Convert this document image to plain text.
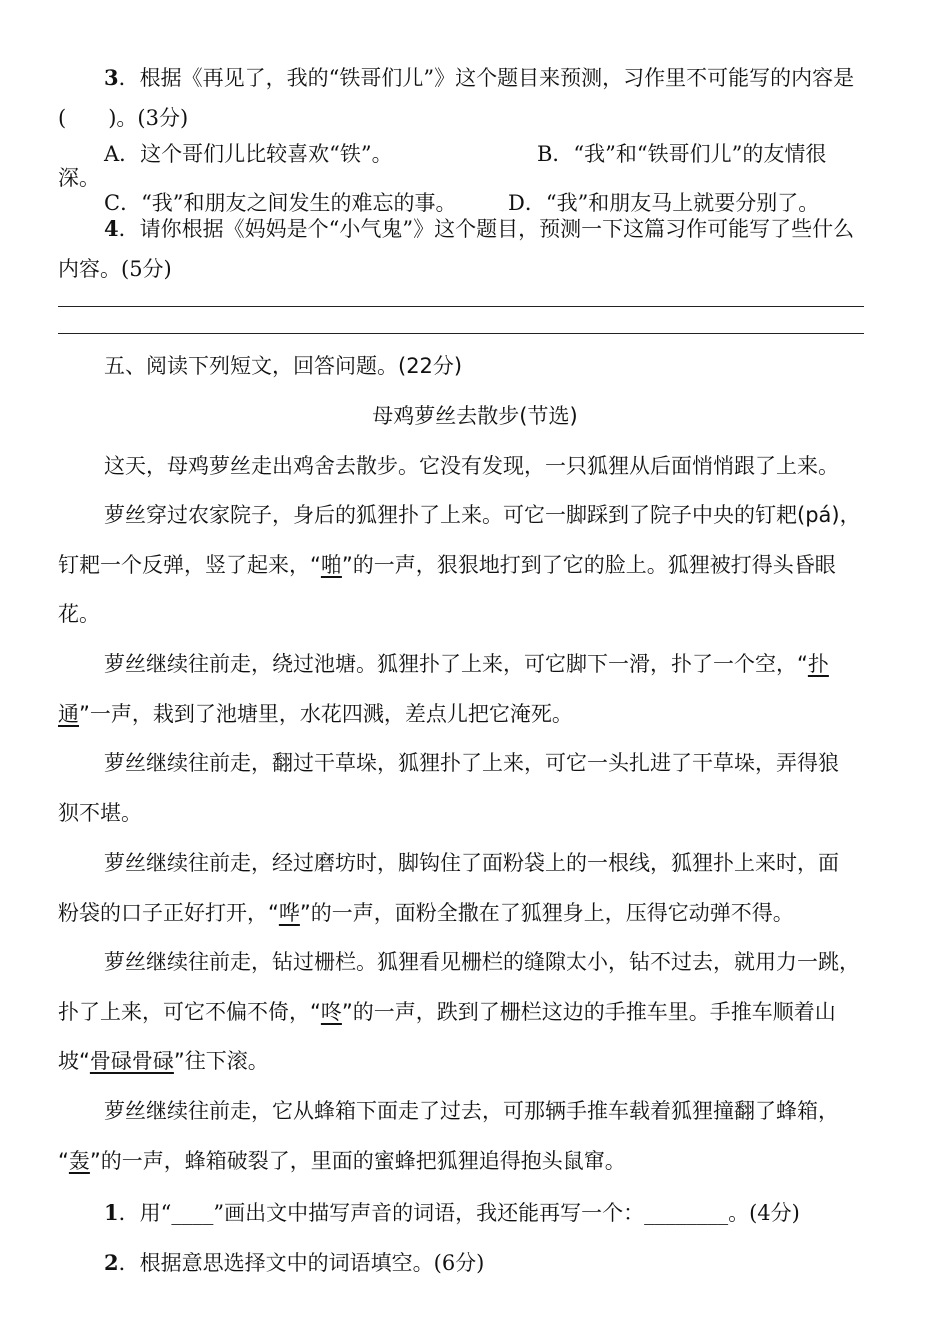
3．根据《再见了，我的“铁哥们儿”》这个题目来预测，习作里不可能写的内容是
(　　)。(3分)
A．这个哥们儿比较喜欢“铁”。	B．“我”和“铁哥们儿”的友情很
深。
C．“我”和朋友之间发生的难忘的事。 D．“我”和朋友马上就要分别了。
4．请你根据《妈妈是个“小气鬼”》这个题目，预测一下这篇习作可能写了些什么
内容。(5分)
五、阅读下列短文，回答问题。(22分)
母鸡萝丝去散步(节选)
这天，母鸡萝丝走出鸡舍去散步。它没有发现，一只狐狸从后面悄悄跟了上来。
萝丝穿过农家院子，身后的狐狸扑了上来。可它一脚踩到了院子中央的钉耙(pá)，
钉耙一个反弹，竖了起来，“啪”的一声，狠狠地打到了它的脸上。狐狸被打得头昏眼
花。
萝丝继续往前走，绕过池塘。狐狸扑了上来，可它脚下一滑，扑了一个空，“扑
通”一声，栽到了池塘里，水花四溅，差点儿把它淹死。
萝丝继续往前走，翻过干草垛，狐狸扑了上来，可它一头扎进了干草垛，弄得狼
狈不堪。
萝丝继续往前走，经过磨坊时，脚钩住了面粉袋上的一根线，狐狸扑上来时，面
粉袋的口子正好打开，“哗”的一声，面粉全撒在了狐狸身上，压得它动弹不得。
萝丝继续往前走，钻过栅栏。狐狸看见栅栏的缝隙太小，钻不过去，就用力一跳，
扑了上来，可它不偏不倚，“咚”的一声，跌到了栅栏这边的手推车里。手推车顺着山
坡“骨碌骨碌”往下滚。
萝丝继续往前走，它从蜂箱下面走了过去，可那辆手推车载着狐狸撞翻了蜂箱，
“轰”的一声，蜂箱破裂了，里面的蜜蜂把狐狸追得抱头鼠窜。
1．用“____”画出文中描写声音的词语，我还能再写一个：________。(4分)
2．根据意思选择文中的词语填空。(6分)
